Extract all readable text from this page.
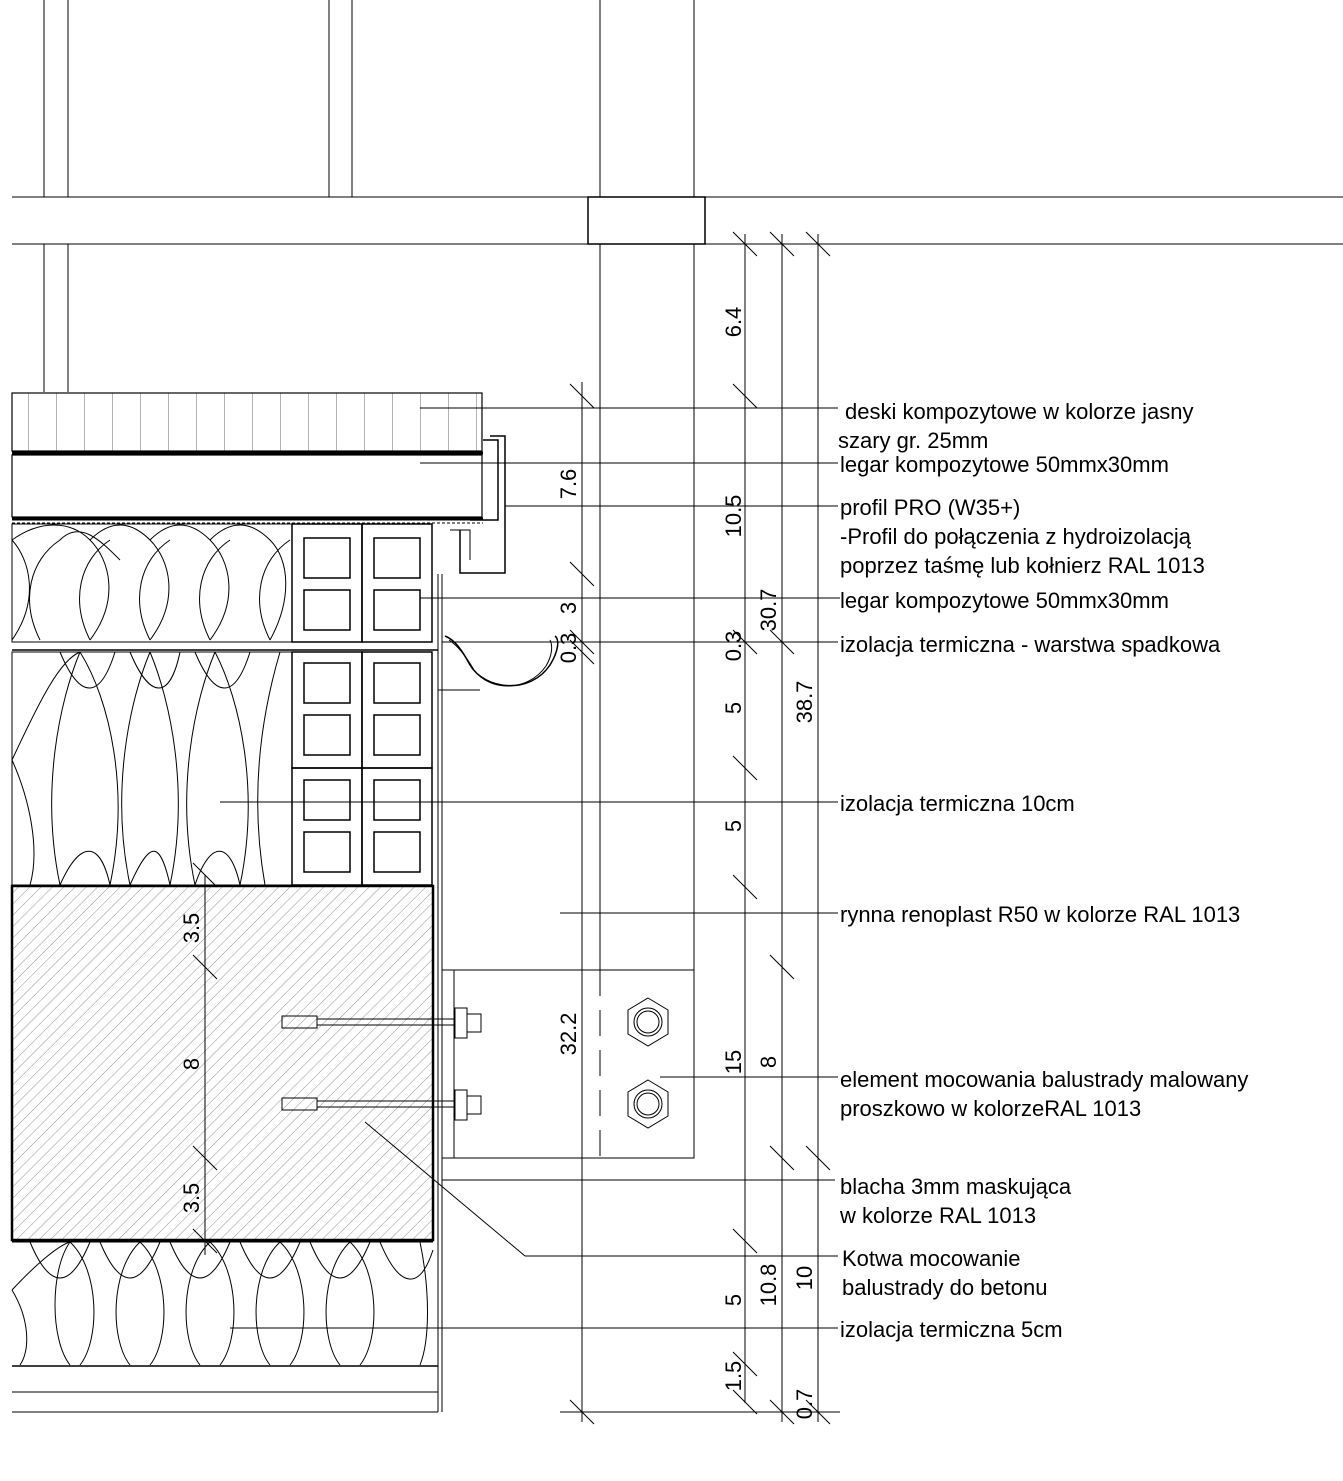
6.4
10.5
0.3
5
5
15
5
1.5
7.6
3
0.3
32.2
30.7
38.7
8
10.8 10
0.7
3.5
8
3.5
deski kompozytowe w kolorze jasny
szary gr. 25mm
legar kompozytowe 50mmx30mm
profil PRO (W35+)
-Profil do połączenia z hydroizolacją
poprzez taśmę lub kołnierz RAL 1013
legar kompozytowe 50mmx30mm
izolacja termiczna - warstwa spadkowa
izolacja termiczna 10cm
rynna renoplast R50 w kolorze RAL 1013
element mocowania balustrady malowany
proszkowo w kolorzeRAL 1013
blacha 3mm maskująca
w kolorze RAL 1013
Kotwa mocowanie
balustrady do betonu
izolacja termiczna 5cm
